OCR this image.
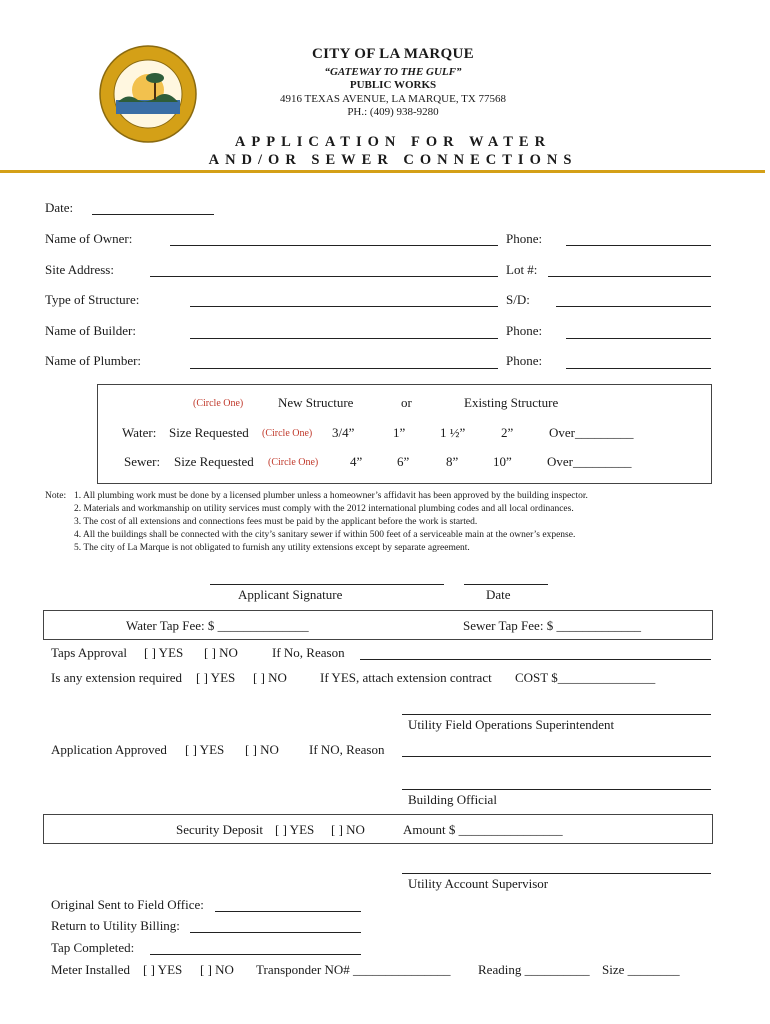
CITY OF LA MARQUE
“GATEWAY TO THE GULF”
PUBLIC WORKS
4916 TEXAS AVENUE, LA MARQUE, TX 77568
PH.: (409) 938-9280
APPLICATION FOR WATER
AND/OR SEWER CONNECTIONS
Date:
Name of Owner:	Phone:
Site Address:	Lot #:
Type of Structure:	S/D:
Name of Builder:	Phone:
Name of Plumber:	Phone:
(Circle One)	New Structure	or	Existing Structure
Water: Size Requested (Circle One) 3/4”	1”	1 ½”	2”	Over_________
Sewer: Size Requested (Circle One) 4”	6”	8”	10”	Over_________
Note: 1. All plumbing work must be done by a licensed plumber unless a homeowner’s affidavit has been approved by the building inspector.
2. Materials and workmanship on utility services must comply with the 2012 international plumbing codes and all local ordinances.
3. The cost of all extensions and connections fees must be paid by the applicant before the work is started.
4. All the buildings shall be connected with the city’s sanitary sewer if within 500 feet of a serviceable main at the owner’s expense.
5. The city of La Marque is not obligated to furnish any utility extensions except by separate agreement.
Applicant Signature	Date
Water Tap Fee: $ ______________	Sewer Tap Fee: $ _____________
Taps Approval [ ] YES [ ] NO	If No, Reason
Is any extension required [ ] YES [ ] NO	If YES, attach extension contract COST $_______________
Utility Field Operations Superintendent
Application Approved [ ] YES [ ] NO If NO, Reason
Building Official
Security Deposit [ ] YES [ ] NO	Amount $ ________________
Utility Account Supervisor
Original Sent to Field Office:
Return to Utility Billing:
Tap Completed:
Meter Installed [ ] YES [ ] NO Transponder NO# _______________ Reading __________ Size ________
